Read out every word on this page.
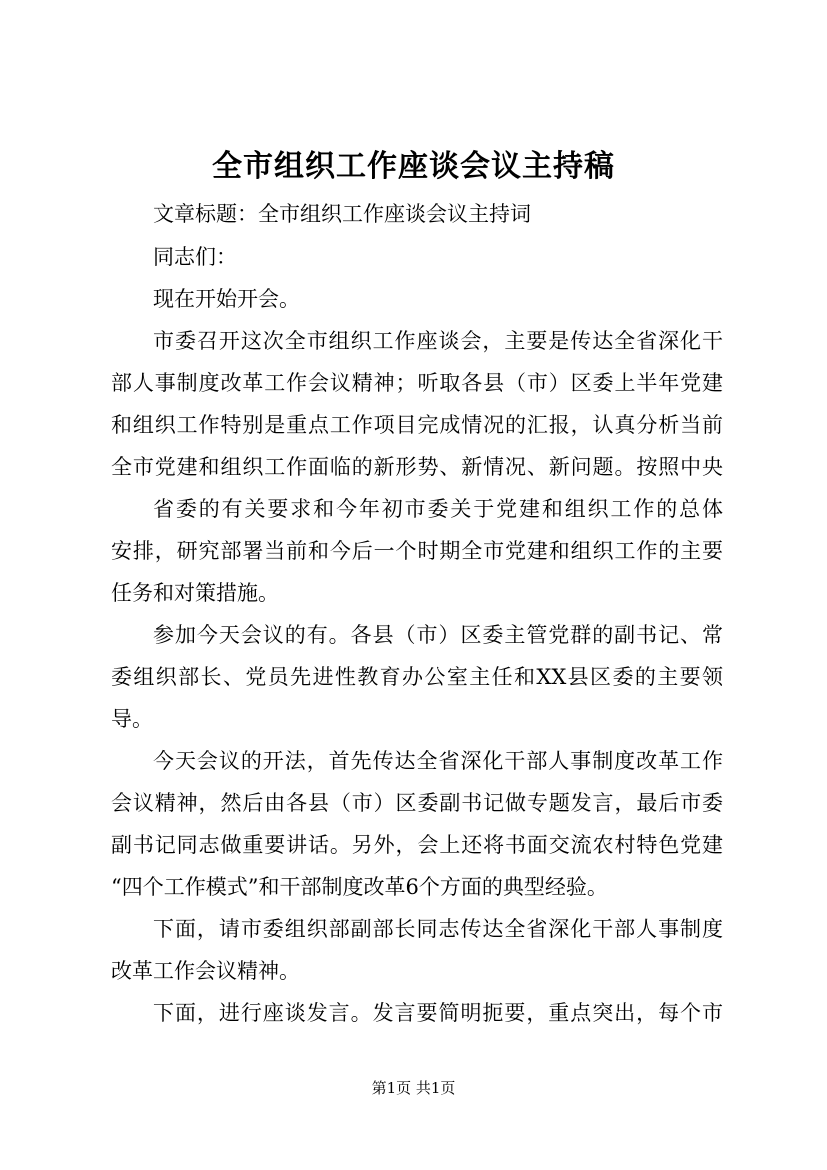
全市组织工作座谈会议主持稿
文章标题：全市组织工作座谈会议主持词
同志们：
现在开始开会。
市委召开这次全市组织工作座谈会，主要是传达全省深化干
部人事制度改革工作会议精神；听取各县（市）区委上半年党建
和组织工作特别是重点工作项目完成情况的汇报，认真分析当前
全市党建和组织工作面临的新形势、新情况、新问题。按照中央
省委的有关要求和今年初市委关于党建和组织工作的总体
安排，研究部署当前和今后一个时期全市党建和组织工作的主要
任务和对策措施。
参加今天会议的有。各县（市）区委主管党群的副书记、常
委组织部长、党员先进性教育办公室主任和XX县区委的主要领
导。
今天会议的开法，首先传达全省深化干部人事制度改革工作
会议精神，然后由各县（市）区委副书记做专题发言，最后市委
副书记同志做重要讲话。另外，会上还将书面交流农村特色党建
“四个工作模式”和干部制度改革6个方面的典型经验。
下面，请市委组织部副部长同志传达全省深化干部人事制度
改革工作会议精神。
下面，进行座谈发言。发言要简明扼要，重点突出，每个市
第1页 共1页
